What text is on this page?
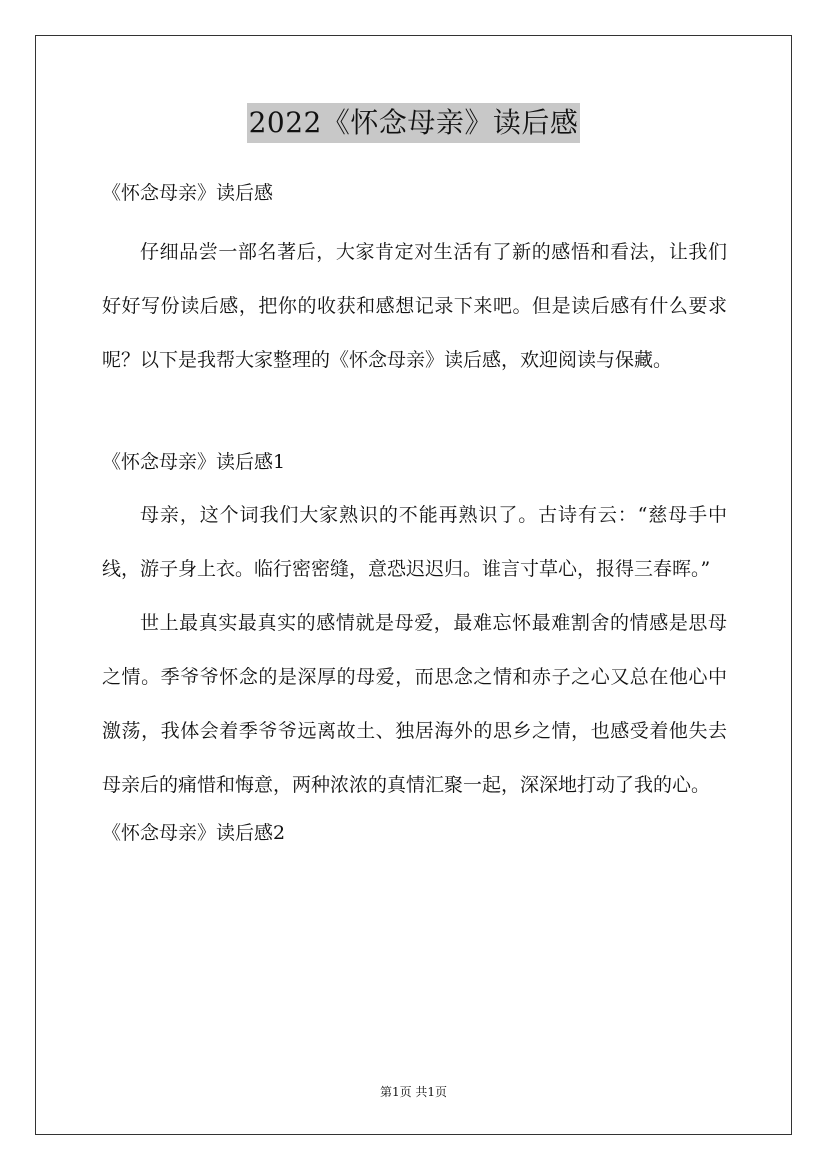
2022《怀念母亲》读后感

《怀念母亲》读后感

仔细品尝一部名著后，大家肯定对生活有了新的感悟和看法，让我们好好写份读后感，把你的收获和感想记录下来吧。但是读后感有什么要求呢？以下是我帮大家整理的《怀念母亲》读后感，欢迎阅读与保藏。

《怀念母亲》读后感1

母亲，这个词我们大家熟识的不能再熟识了。古诗有云：“慈母手中线，游子身上衣。临行密密缝，意恐迟迟归。谁言寸草心，报得三春晖。”

世上最真实最真实的感情就是母爱，最难忘怀最难割舍的情感是思母之情。季爷爷怀念的是深厚的母爱，而思念之情和赤子之心又总在他心中激荡，我体会着季爷爷远离故土、独居海外的思乡之情，也感受着他失去母亲后的痛惜和悔意，两种浓浓的真情汇聚一起，深深地打动了我的心。

《怀念母亲》读后感2

第1页 共1页
